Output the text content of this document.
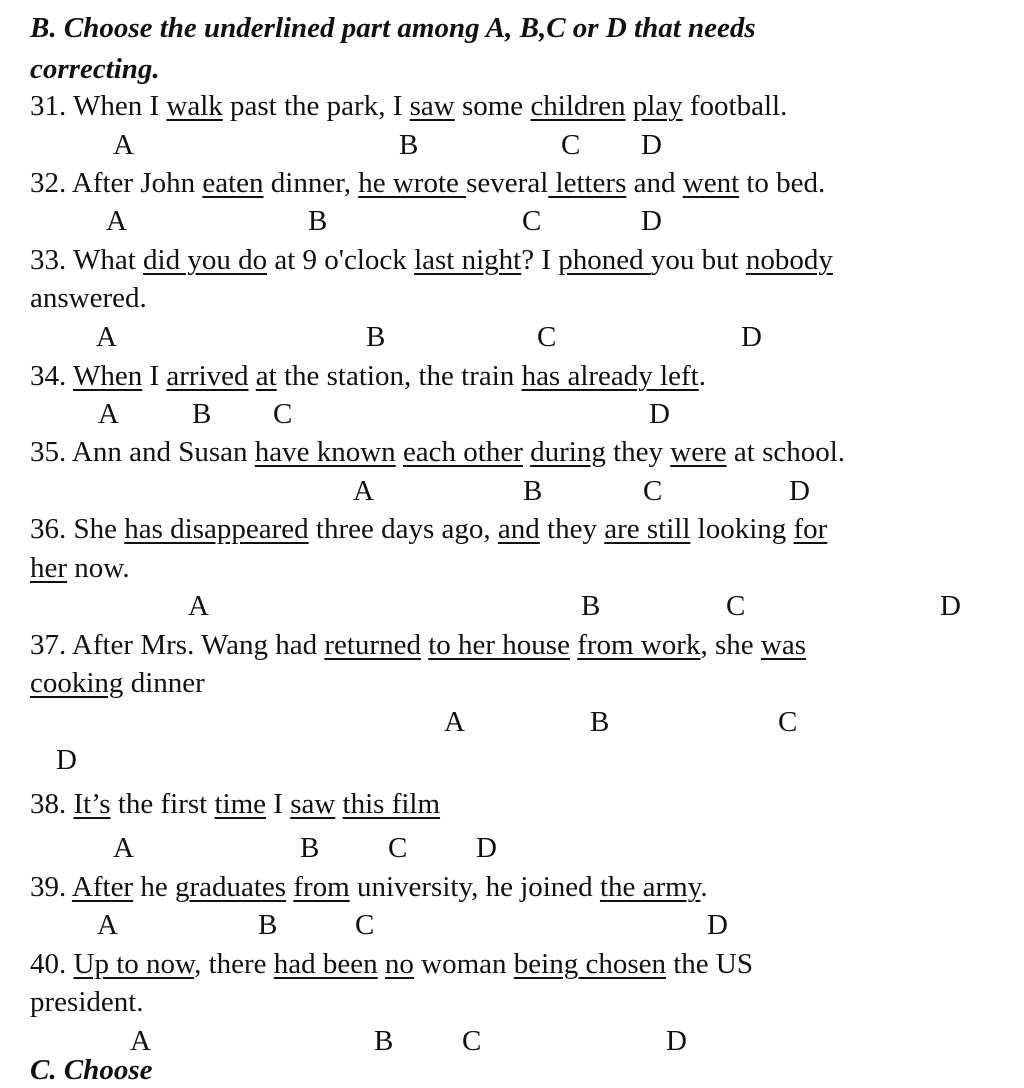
B. Choose the underlined part among A, B,C or D that needs
correcting.
31. When I walk past the park, I saw some children play football.
A	B	C D
32. After John eaten dinner, he wrote several letters and went to bed.
A	B	C	D
33. What did you do at 9 o'clock last night? I phoned you but nobody
answered.
A	B	C	D
34. When I arrived at the station, the train has already left.
A	B C	D
35. Ann and Susan have known each other during they were at school.
A	B	C	D
36. She has disappeared three days ago, and they are still looking for
her now.
A	B	C	D
37. After Mrs. Wang had returned to her house from work, she was
cooking dinner
A	B	C
D
38. It’s the first time I saw this film
A	B C D
39. After he graduates from university, he joined the army.
A	B	C	D
40. Up to now, there had been no woman being chosen the US
president.
A	B C	D
C. Choose
